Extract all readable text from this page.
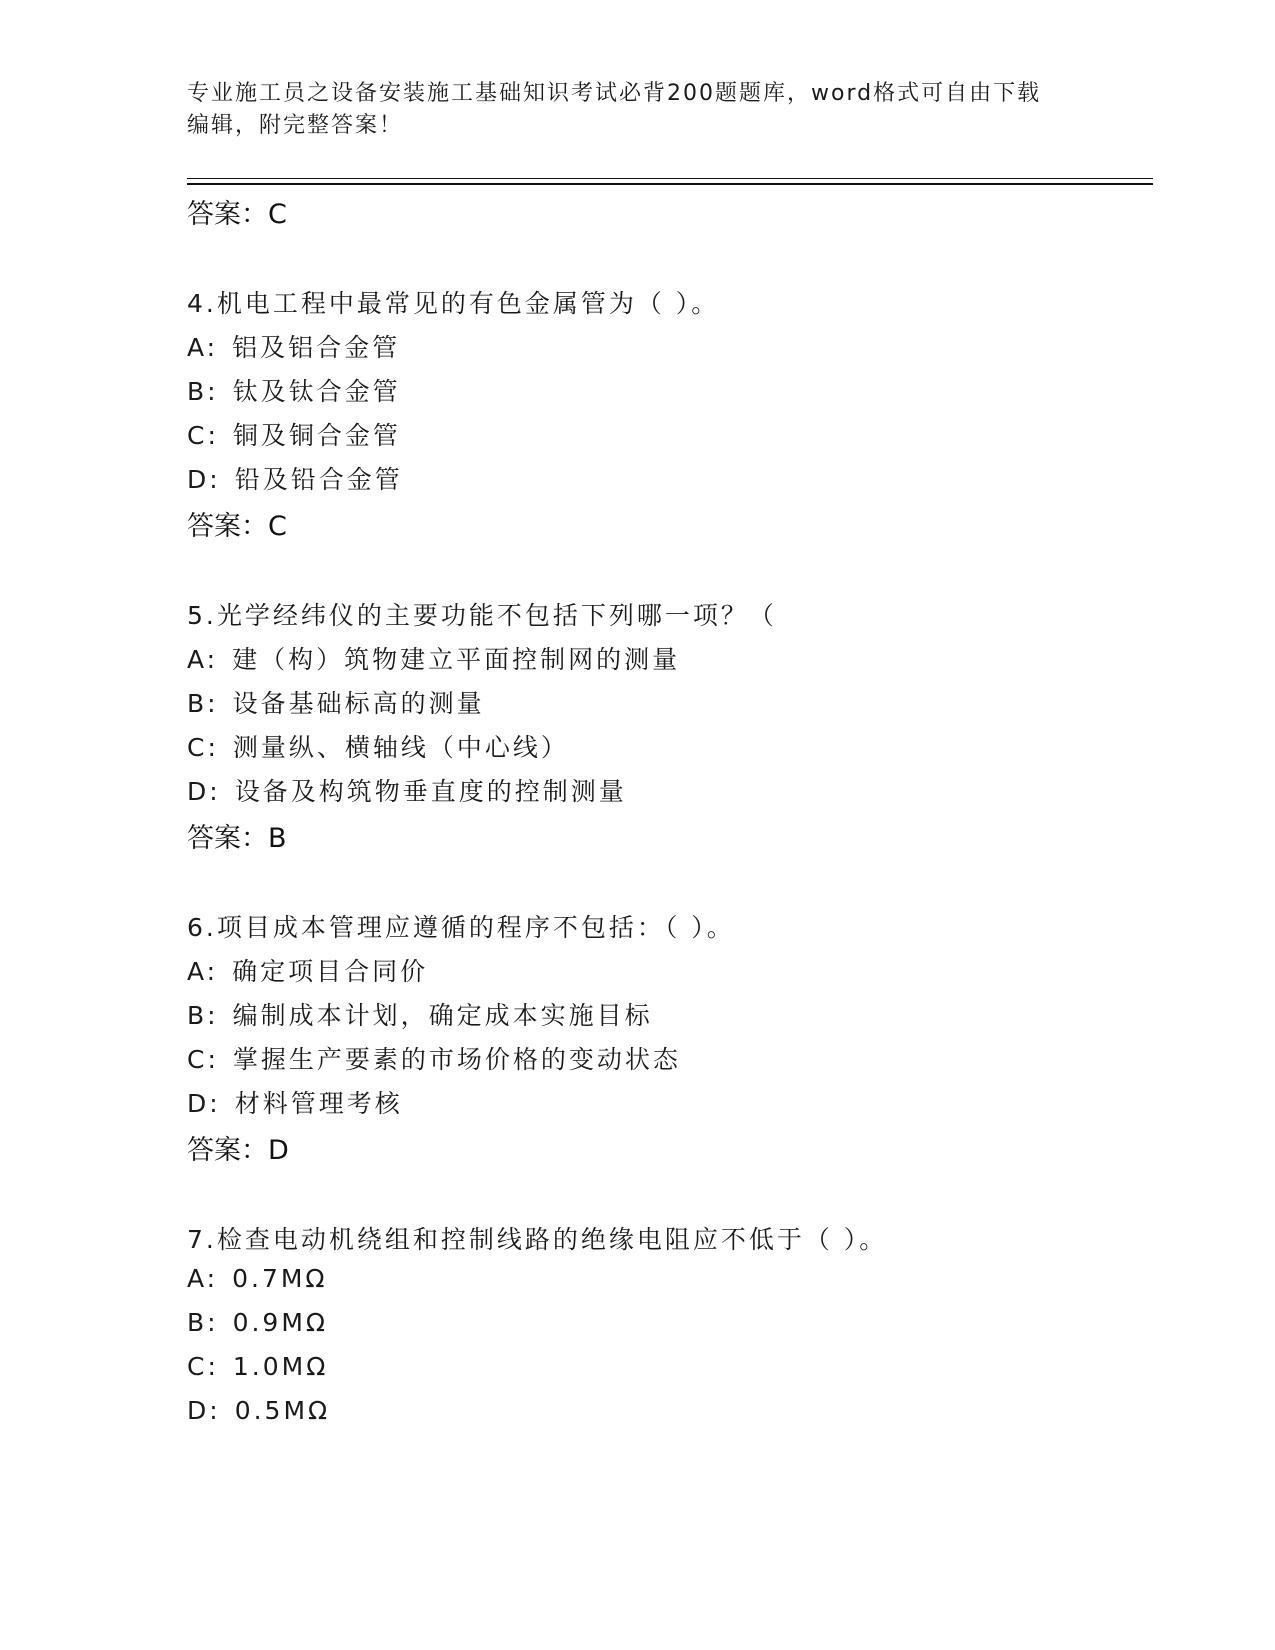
专业施工员之设备安装施工基础知识考试必背200题题库，word格式可自由下载
编辑，附完整答案！
答案：C
4.机电工程中最常见的有色金属管为（ ）。
A: 铝及铝合金管
B: 钛及钛合金管
C: 铜及铜合金管
D: 铅及铅合金管
答案：C
5.光学经纬仪的主要功能不包括下列哪一项？（
A: 建（构）筑物建立平面控制网的测量
B: 设备基础标高的测量
C: 测量纵、横轴线（中心线）
D: 设备及构筑物垂直度的控制测量
答案：B
6.项目成本管理应遵循的程序不包括：（ ）。
A: 确定项目合同价
B: 编制成本计划，确定成本实施目标
C: 掌握生产要素的市场价格的变动状态
D: 材料管理考核
答案：D
7.检查电动机绕组和控制线路的绝缘电阻应不低于（ ）。
A: 0.7MΩ
B: 0.9MΩ
C: 1.0MΩ
D: 0.5MΩ
